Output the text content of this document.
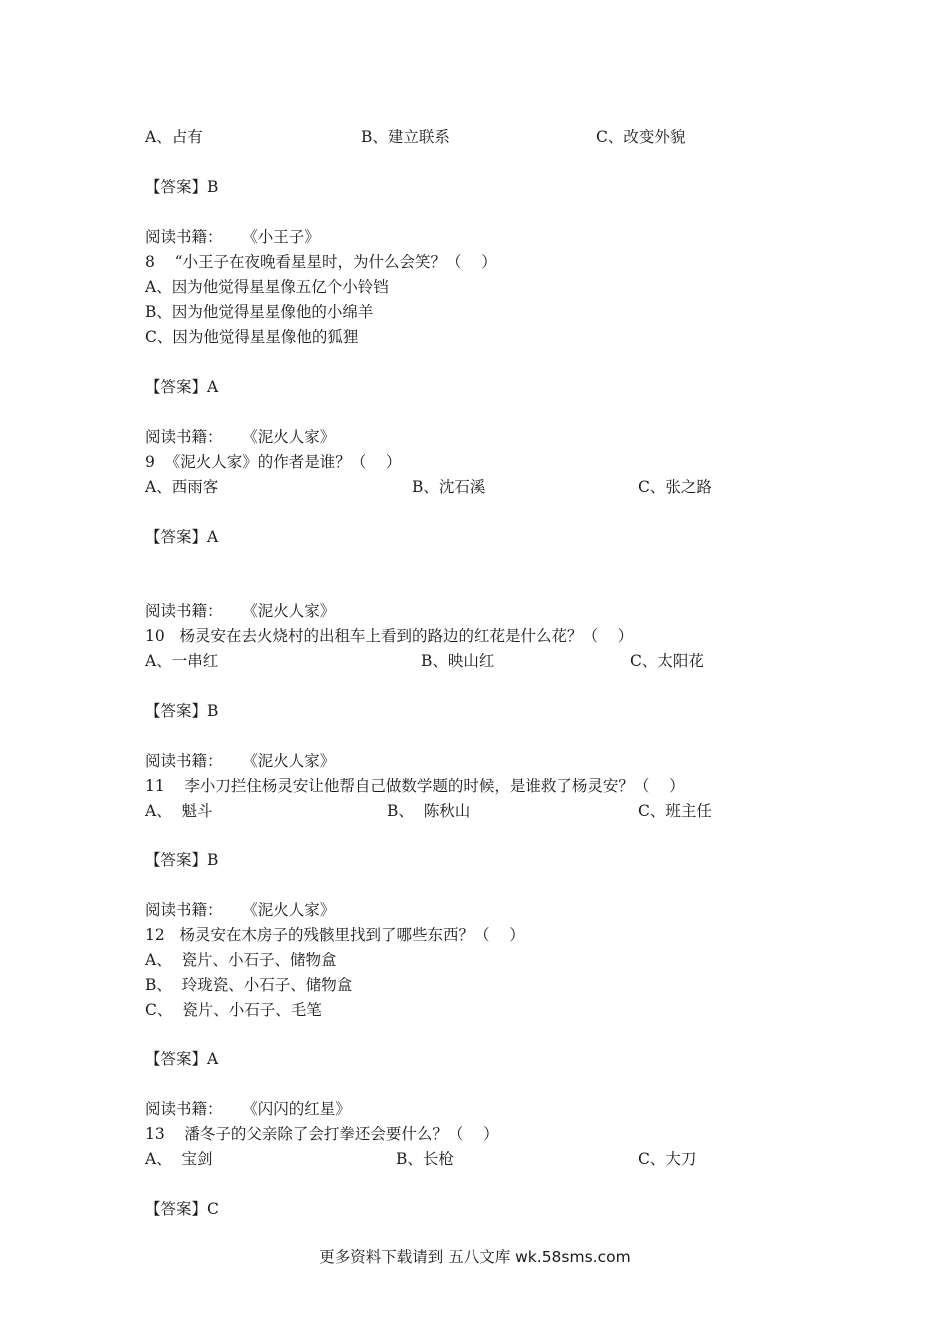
A、占有	B、建立联系	C、改变外貌
【答案】B
阅读书籍：    《小王子》
8    “小王子在夜晚看星星时，为什么会笑？（    ）
A、因为他觉得星星像五亿个小铃铛
B、因为他觉得星星像他的小绵羊
C、因为他觉得星星像他的狐狸
【答案】A
阅读书籍：    《泥火人家》
9  《泥火人家》的作者是谁？（    ）
A、西雨客	B、沈石溪	C、张之路
【答案】A
阅读书籍：    《泥火人家》
10   杨灵安在去火烧村的出租车上看到的路边的红花是什么花？（    ）
A、一串红	B、映山红	C、太阳花
【答案】B
阅读书籍：    《泥火人家》
11    李小刀拦住杨灵安让他帮自己做数学题的时候，是谁救了杨灵安？（    ）
A、  魁斗	B、  陈秋山	C、班主任
【答案】B
阅读书籍：    《泥火人家》
12   杨灵安在木房子的残骸里找到了哪些东西？（    ）
A、  瓷片、小石子、储物盒
B、  玲珑瓷、小石子、储物盒
C、  瓷片、小石子、毛笔
【答案】A
阅读书籍：    《闪闪的红星》
13    潘冬子的父亲除了会打拳还会要什么？（    ）
A、  宝剑	B、长枪	C、大刀
【答案】C
更多资料下载请到 五八文库 wk.58sms.com
